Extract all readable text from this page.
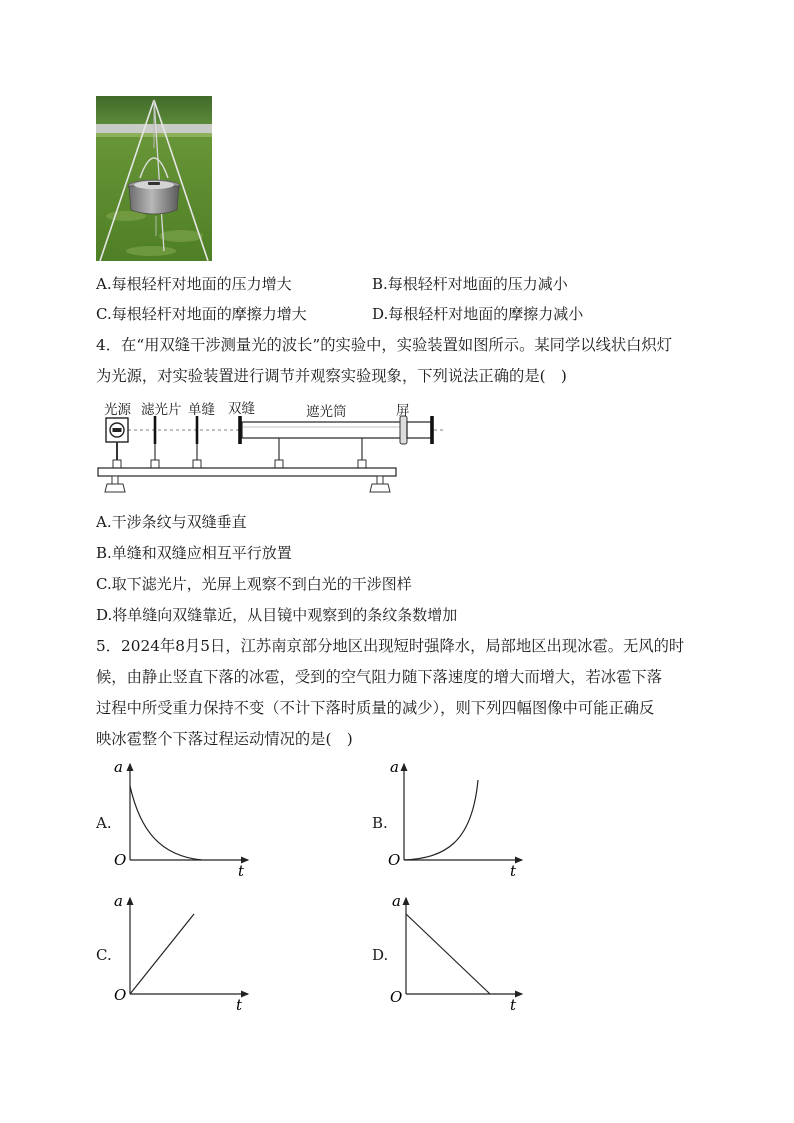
A.每根轻杆对地面的压力增大	B.每根轻杆对地面的压力减小
C.每根轻杆对地面的摩擦力增大	D.每根轻杆对地面的摩擦力减小
4．在“用双缝干涉测量光的波长”的实验中，实验装置如图所示。某同学以线状白炽灯
为光源，对实验装置进行调节并观察实验现象，下列说法正确的是(　)
光源 滤光片 单缝 双缝	遮光筒	屏
A.干涉条纹与双缝垂直
B.单缝和双缝应相互平行放置
C.取下滤光片，光屏上观察不到白光的干涉图样
D.将单缝向双缝靠近，从目镜中观察到的条纹条数增加
5．2024年8月5日，江苏南京部分地区出现短时强降水，局部地区出现冰雹。无风的时
候，由静止竖直下落的冰雹，受到的空气阻力随下落速度的增大而增大，若冰雹下落
过程中所受重力保持不变（不计下落时质量的减少），则下列四幅图像中可能正确反
映冰雹整个下落过程运动情况的是(　)
A.
a
t
O
B.
a
t
O
C.
a
t
O
D.
a
t
O
